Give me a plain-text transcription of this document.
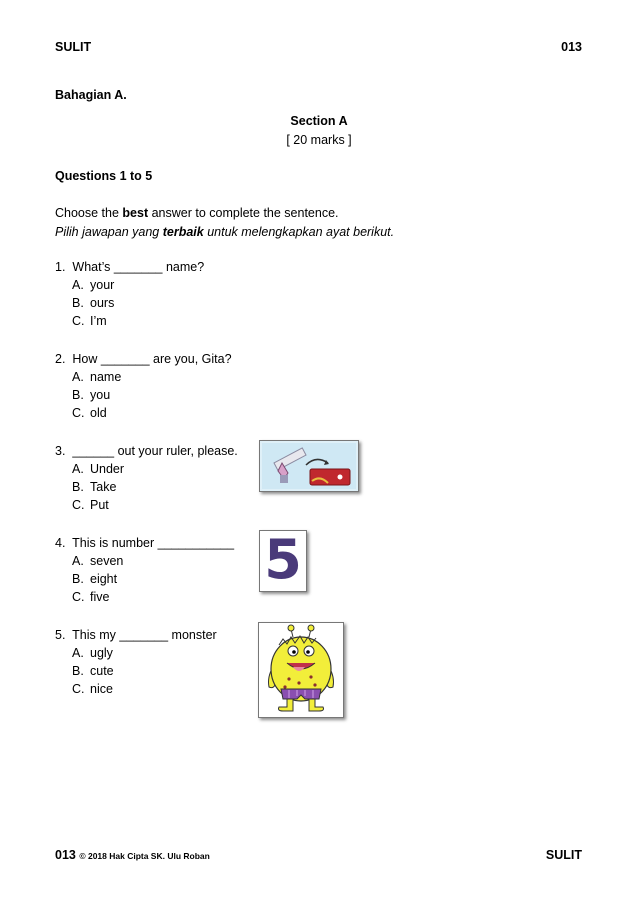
SULIT	013
Bahagian A.
Section A
[ 20 marks ]
Questions 1 to 5
Choose the best answer to complete the sentence.
Pilih jawapan yang terbaik untuk melengkapkan ayat berikut.
1. What’s _______ name?
A. your
B. ours
C. I’m
2. How _______ are you, Gita?
A. name
B. you
C. old
3. ______ out your ruler, please.
A. Under
B. Take
C. Put
4. This is number ___________
A. seven
B. eight
C. five
5. This my _______ monster
A. ugly
B. cute
C. nice
5
013 © 2018 Hak Cipta SK. Ulu Roban	SULIT
